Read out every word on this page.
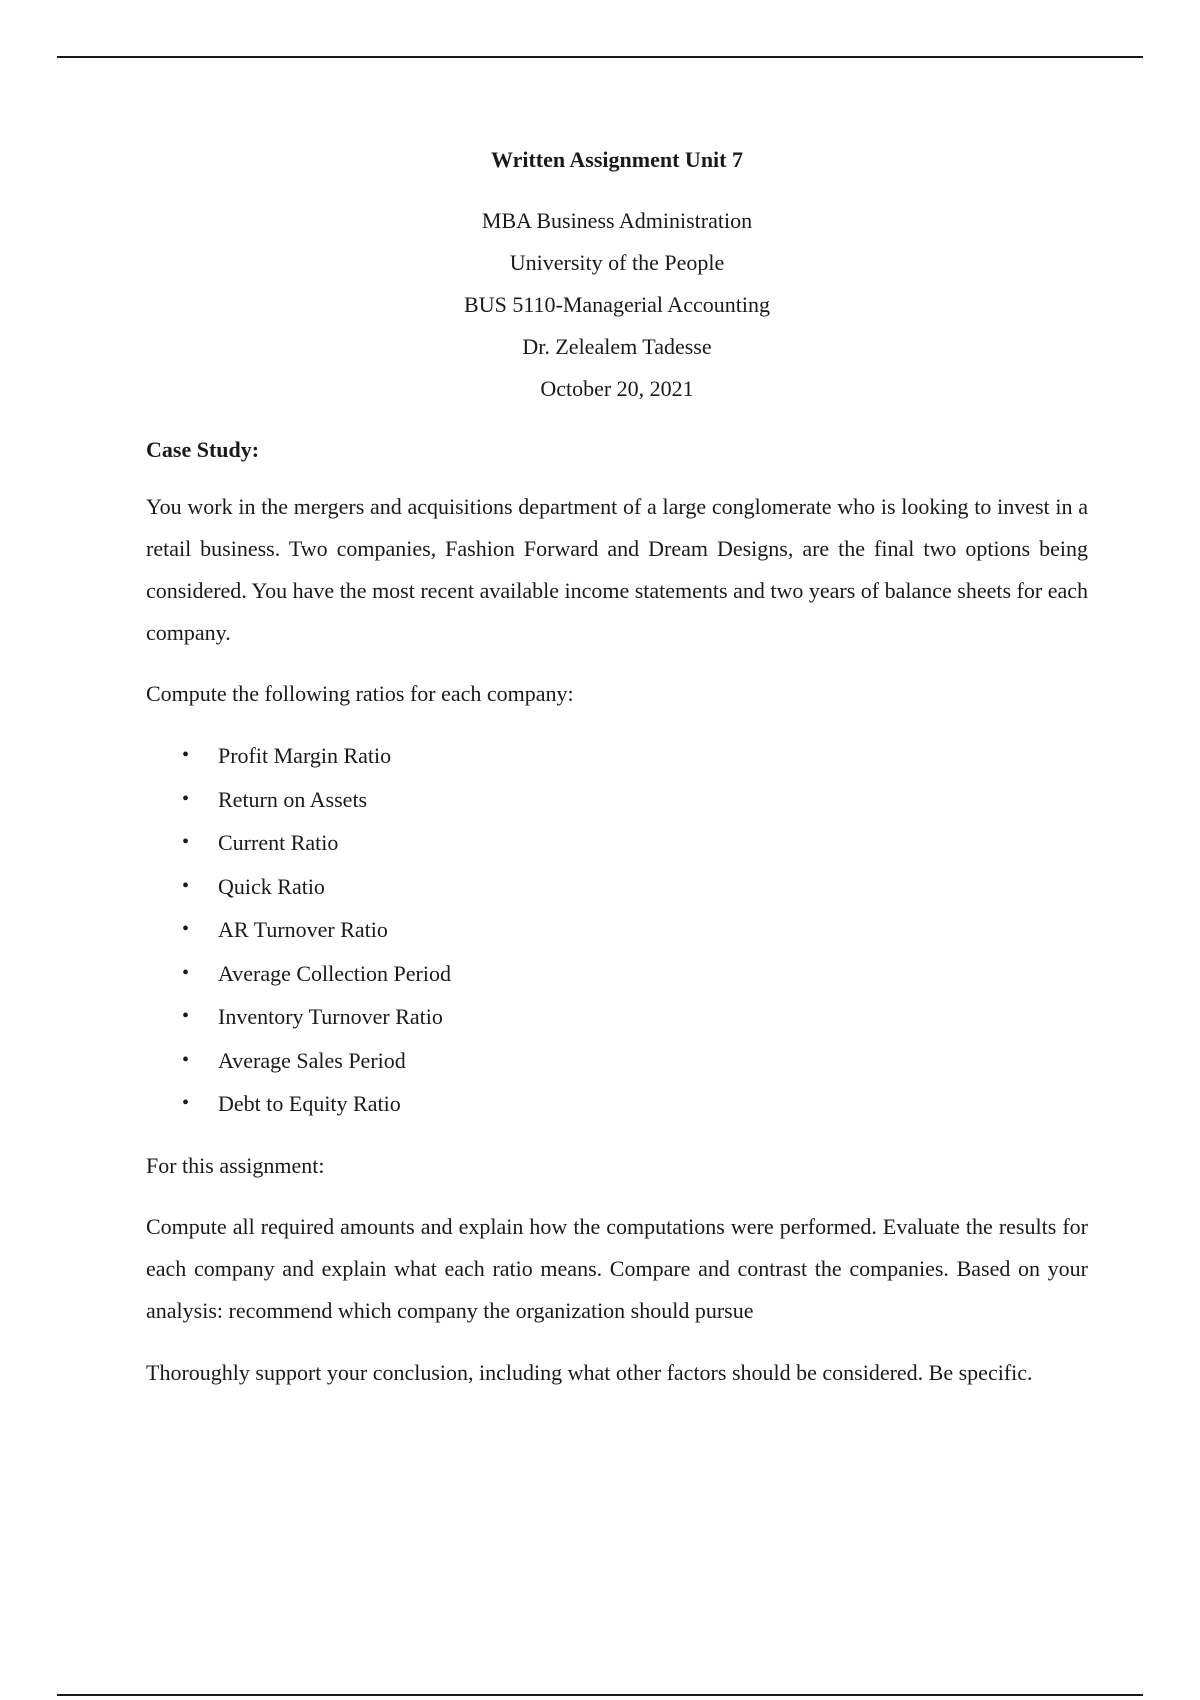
Written Assignment Unit 7
MBA Business Administration
University of the People
BUS 5110-Managerial Accounting
Dr. Zelealem Tadesse
October 20, 2021
Case Study:

You work in the mergers and acquisitions department of a large conglomerate who is looking to invest in a retail business. Two companies, Fashion Forward and Dream Designs, are the final two options being considered. You have the most recent available income statements and two years of balance sheets for each company.

Compute the following ratios for each company:
• Profit Margin Ratio
• Return on Assets
• Current Ratio
• Quick Ratio
• AR Turnover Ratio
• Average Collection Period
• Inventory Turnover Ratio
• Average Sales Period
• Debt to Equity Ratio
For this assignment:

Compute all required amounts and explain how the computations were performed. Evaluate the results for each company and explain what each ratio means. Compare and contrast the companies. Based on your analysis: recommend which company the organization should pursue

Thoroughly support your conclusion, including what other factors should be considered. Be specific.
